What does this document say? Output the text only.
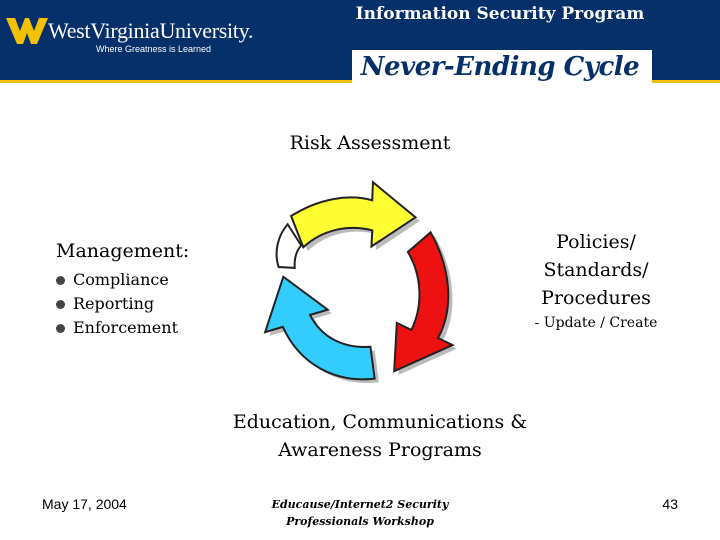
WestVirginiaUniversity.
Where Greatness is Learned
Information Security Program
Never-Ending Cycle
Risk Assessment
Policies/
Standards/
Procedures
- Update / Create
Management:
Compliance
Reporting
Enforcement
Education, Communications &
Awareness Programs
May 17, 2004	Educause/Internet2 Security
Professionals Workshop
43
